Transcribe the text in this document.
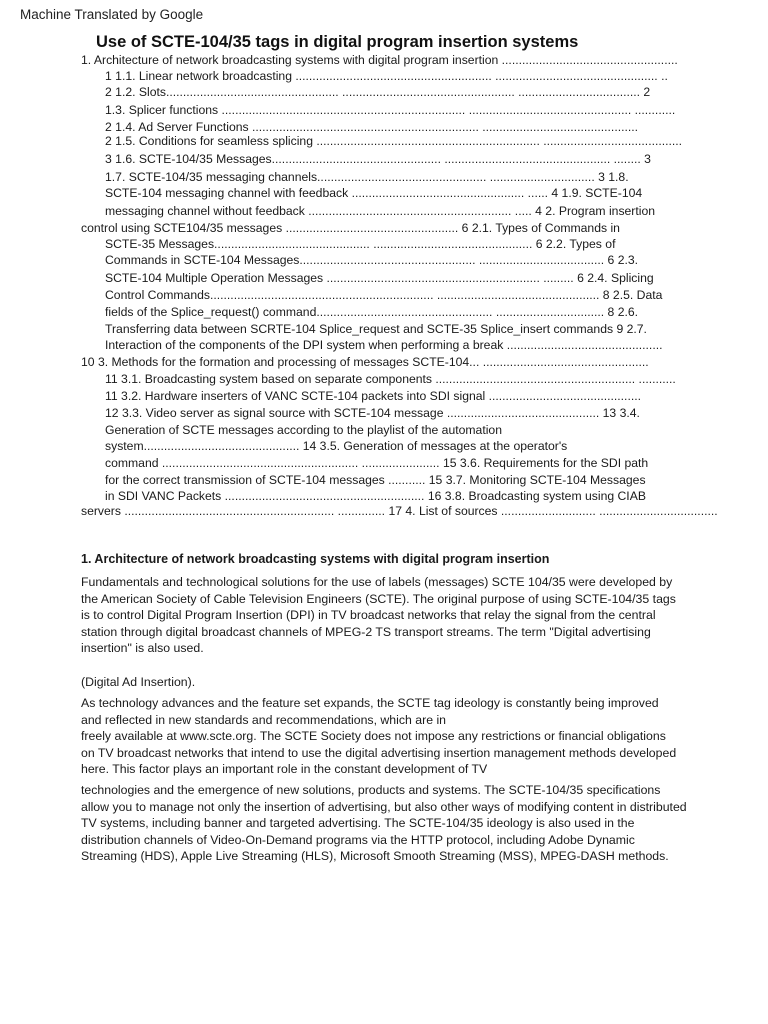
Machine Translated by Google
Use of SCTE-104/35 tags in digital program insertion systems
1. Architecture of network broadcasting systems with digital program insertion ....................................................
1 1.1. Linear network broadcasting .......................................................... ................................................ ..
2 1.2. Slots................................................... ................................................... .................................... 2
1.3. Splicer functions ........................................................................ ................................................ ............
2 1.4. Ad Server Functions ................................................................... ..............................................
2 1.5. Conditions for seamless splicing .................................................................. .........................................
3 1.6. SCTE-104/35 Messages.................................................. ................................................. ........ 3
1.7. SCTE-104/35 messaging channels.................................................. ............................... 3 1.8.
SCTE-104 messaging channel with feedback ................................................... ...... 4 1.9. SCTE-104
messaging channel without feedback ............................................................ ..... 4 2. Program insertion
control using SCTE104/35 messages ................................................... 6 2.1. Types of Commands in
SCTE-35 Messages.............................................. ............................................... 6 2.2. Types of
Commands in SCTE-104 Messages.................................................... ..................................... 6 2.3.
SCTE-104 Multiple Operation Messages ............................................................... ......... 6 2.4. Splicing
Control Commands.................................................................. ................................................ 8 2.5. Data
fields of the Splice_request() command.................................................... ................................ 8 2.6.
Transferring data between SCRTE-104 Splice_request and SCTE-35 Splice_insert commands 9 2.7.
Interaction of the components of the DPI system when performing a break ..............................................
10 3. Methods for the formation and processing of messages SCTE-104... .................................................
11 3.1. Broadcasting system based on separate components ........................................................... ...........
11 3.2. Hardware inserters of VANC SCTE-104 packets into SDI signal .............................................
12 3.3. Video server as signal source with SCTE-104 message ............................................. 13 3.4.
Generation of SCTE messages according to the playlist of the automation
system.............................................. 14 3.5. Generation of messages at the operator's
command .......................................................... ....................... 15 3.6. Requirements for the SDI path
for the correct transmission of SCTE-104 messages ........... 15 3.7. Monitoring SCTE-104 Messages
in SDI VANC Packets ........................................................... 16 3.8. Broadcasting system using CIAB
servers .............................................................. .............. 17 4. List of sources ............................ ...................................
1. Architecture of network broadcasting systems with digital program insertion
Fundamentals and technological solutions for the use of labels (messages) SCTE 104/35 were developed by
the American Society of Cable Television Engineers (SCTE). The original purpose of using SCTE-104/35 tags
is to control Digital Program Insertion (DPI) in TV broadcast networks that relay the signal from the central
station through digital broadcast channels of MPEG-2 TS transport streams. The term "Digital advertising
insertion" is also used.
(Digital Ad Insertion).
As technology advances and the feature set expands, the SCTE tag ideology is constantly being improved
and reflected in new standards and recommendations, which are in
freely available at www.scte.org. The SCTE Society does not impose any restrictions or financial obligations
on TV broadcast networks that intend to use the digital advertising insertion management methods developed
here. This factor plays an important role in the constant development of TV
technologies and the emergence of new solutions, products and systems. The SCTE-104/35 specifications
allow you to manage not only the insertion of advertising, but also other ways of modifying content in distributed
TV systems, including banner and targeted advertising. The SCTE-104/35 ideology is also used in the
distribution channels of Video-On-Demand programs via the HTTP protocol, including Adobe Dynamic
Streaming (HDS), Apple Live Streaming (HLS), Microsoft Smooth Streaming (MSS), MPEG-DASH methods.
